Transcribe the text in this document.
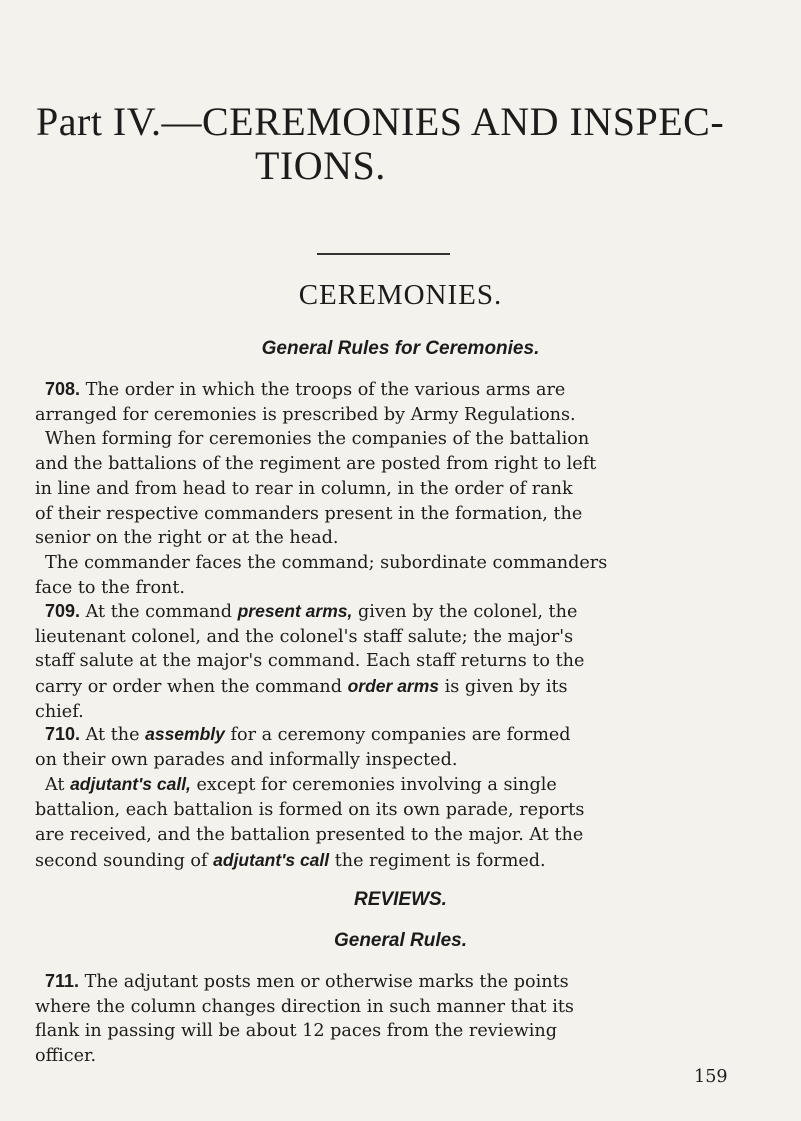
Part IV.—CEREMONIES AND INSPEC-
TIONS.
CEREMONIES.
General Rules for Ceremonies.
708. The order in which the troops of the various arms are
arranged for ceremonies is prescribed by Army Regulations.
When forming for ceremonies the companies of the battalion
and the battalions of the regiment are posted from right to left
in line and from head to rear in column, in the order of rank
of their respective commanders present in the formation, the
senior on the right or at the head.
The commander faces the command; subordinate commanders
face to the front.
709. At the command present arms, given by the colonel, the
lieutenant colonel, and the colonel's staff salute; the major's
staff salute at the major's command. Each staff returns to the
carry or order when the command order arms is given by its
chief.
710. At the assembly for a ceremony companies are formed
on their own parades and informally inspected.
At adjutant's call, except for ceremonies involving a single
battalion, each battalion is formed on its own parade, reports
are received, and the battalion presented to the major. At the
second sounding of adjutant's call the regiment is formed.
REVIEWS.
General Rules.
711. The adjutant posts men or otherwise marks the points
where the column changes direction in such manner that its
flank in passing will be about 12 paces from the reviewing
officer.
159
